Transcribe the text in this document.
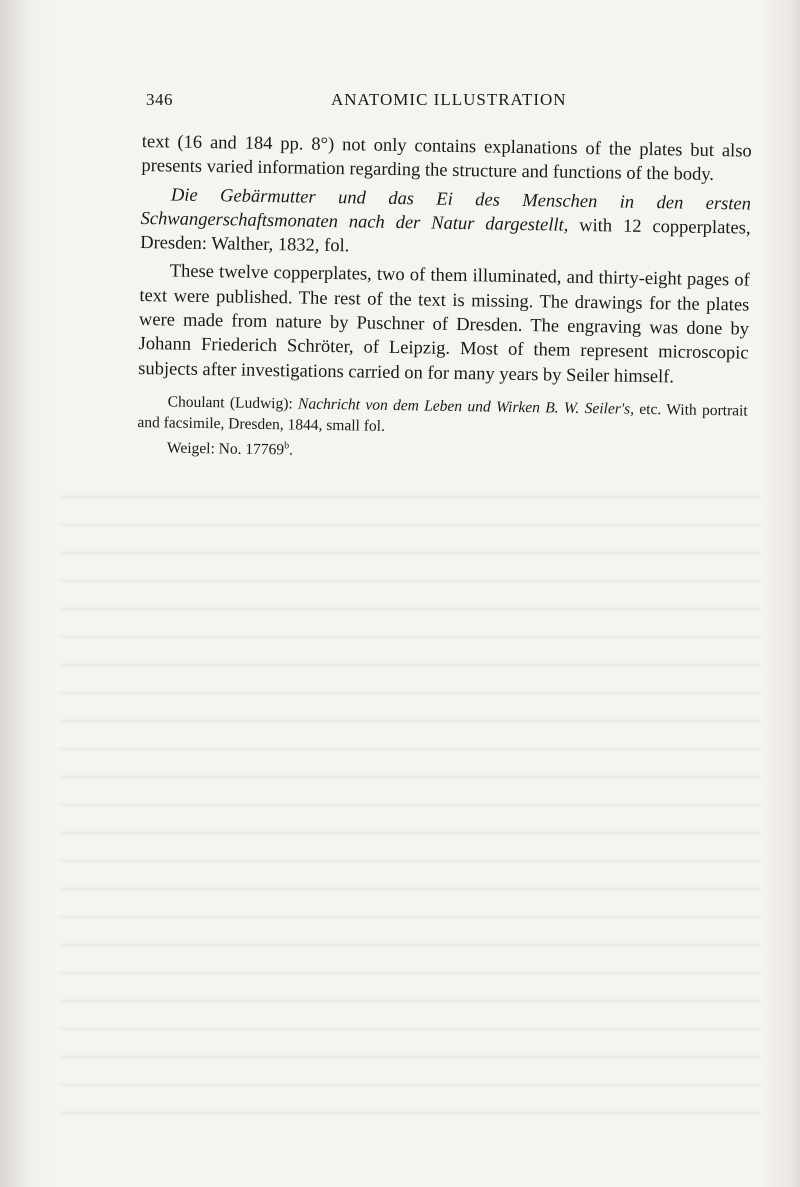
346	ANATOMIC ILLUSTRATION

text (16 and 184 pp. 8°) not only contains explanations of the plates but also presents varied information regarding the structure and functions of the body.

Die Gebärmutter und das Ei des Menschen in den ersten Schwangerschaftsmonaten nach der Natur dargestellt, with 12 copperplates, Dresden: Walther, 1832, fol.

These twelve copperplates, two of them illuminated, and thirty-eight pages of text were published. The rest of the text is missing. The drawings for the plates were made from nature by Puschner of Dresden. The engraving was done by Johann Friederich Schröter, of Leipzig. Most of them represent microscopic subjects after investigations carried on for many years by Seiler himself.

Choulant (Ludwig): Nachricht von dem Leben und Wirken B. W. Seiler's, etc. With portrait and facsimile, Dresden, 1844, small fol.

Weigel: No. 17769$^b$.
